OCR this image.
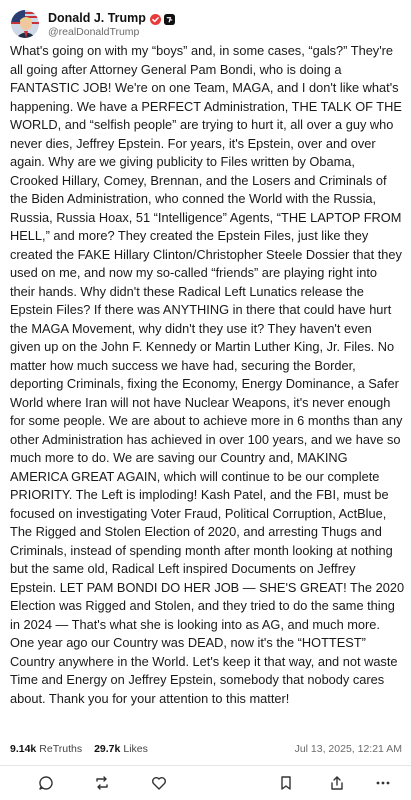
Donald J. Trump
@realDonaldTrump
What's going on with my “boys” and, in some cases, “gals?” They're all going after Attorney General Pam Bondi, who is doing a FANTASTIC JOB! We're on one Team, MAGA, and I don't like what's happening. We have a PERFECT Administration, THE TALK OF THE WORLD, and “selfish people” are trying to hurt it, all over a guy who never dies, Jeffrey Epstein. For years, it's Epstein, over and over again. Why are we giving publicity to Files written by Obama, Crooked Hillary, Comey, Brennan, and the Losers and Criminals of the Biden Administration, who conned the World with the Russia, Russia, Russia Hoax, 51 “Intelligence” Agents, “THE LAPTOP FROM HELL,” and more? They created the Epstein Files, just like they created the FAKE Hillary Clinton/Christopher Steele Dossier that they used on me, and now my so-called “friends” are playing right into their hands. Why didn't these Radical Left Lunatics release the Epstein Files? If there was ANYTHING in there that could have hurt the MAGA Movement, why didn't they use it? They haven't even given up on the John F. Kennedy or Martin Luther King, Jr. Files. No matter how much success we have had, securing the Border, deporting Criminals, fixing the Economy, Energy Dominance, a Safer World where Iran will not have Nuclear Weapons, it's never enough for some people. We are about to achieve more in 6 months than any other Administration has achieved in over 100 years, and we have so much more to do. We are saving our Country and, MAKING AMERICA GREAT AGAIN, which will continue to be our complete PRIORITY. The Left is imploding! Kash Patel, and the FBI, must be focused on investigating Voter Fraud, Political Corruption, ActBlue, The Rigged and Stolen Election of 2020, and arresting Thugs and Criminals, instead of spending month after month looking at nothing but the same old, Radical Left inspired Documents on Jeffrey Epstein. LET PAM BONDI DO HER JOB — SHE'S GREAT! The 2020 Election was Rigged and Stolen, and they tried to do the same thing in 2024 — That's what she is looking into as AG, and much more. One year ago our Country was DEAD, now it's the “HOTTEST” Country anywhere in the World. Let's keep it that way, and not waste Time and Energy on Jeffrey Epstein, somebody that nobody cares about. Thank you for your attention to this matter!
9.14k ReTruths 29.7k Likes	Jul 13, 2025, 12:21 AM
